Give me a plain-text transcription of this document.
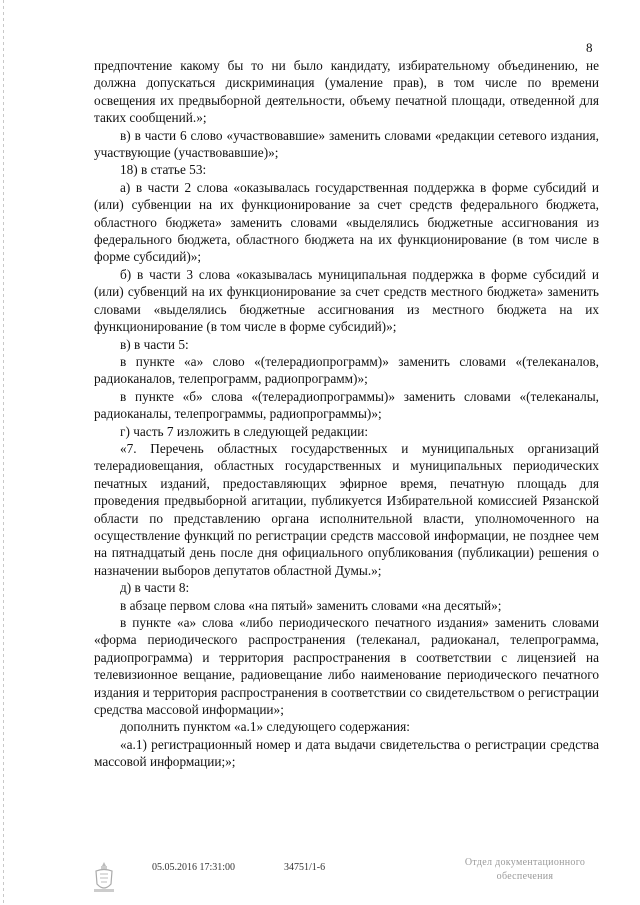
8

предпочтение какому бы то ни было кандидату, избирательному объединению, не должна допускаться дискриминация (умаление прав), в том числе по времени освещения их предвыборной деятельности, объему печатной площади, отведенной для таких сообщений.»;

в) в части 6 слово «участвовавшие» заменить словами «редакции сетевого издания, участвующие (участвовавшие)»;

18) в статье 53:

а) в части 2 слова «оказывалась государственная поддержка в форме субсидий и (или) субвенции на их функционирование за счет средств федерального бюджета, областного бюджета» заменить словами «выделялись бюджетные ассигнования из федерального бюджета, областного бюджета на их функционирование (в том числе в форме субсидий)»;

б) в части 3 слова «оказывалась муниципальная поддержка в форме субсидий и (или) субвенций на их функционирование за счет средств местного бюджета» заменить словами «выделялись бюджетные ассигнования из местного бюджета на их функционирование (в том числе в форме субсидий)»;

в) в части 5:

в пункте «а» слово «(телерадиопрограмм)» заменить словами «(телеканалов, радиоканалов, телепрограмм, радиопрограмм)»;

в пункте «б» слова «(телерадиопрограммы)» заменить словами «(телеканалы, радиоканалы, телепрограммы, радиопрограммы)»;

г) часть 7 изложить в следующей редакции:

«7. Перечень областных государственных и муниципальных организаций телерадиовещания, областных государственных и муниципальных периодических печатных изданий, предоставляющих эфирное время, печатную площадь для проведения предвыборной агитации, публикуется Избирательной комиссией Рязанской области по представлению органа исполнительной власти, уполномоченного на осуществление функций по регистрации средств массовой информации, не позднее чем на пятнадцатый день после дня официального опубликования (публикации) решения о назначении выборов депутатов областной Думы.»;

д) в части 8:

в абзаце первом слова «на пятый» заменить словами «на десятый»;

в пункте «а» слова «либо периодического печатного издания» заменить словами «форма периодического распространения (телеканал, радиоканал, телепрограмма, радиопрограмма) и территория распространения в соответствии с лицензией на телевизионное вещание, радиовещание либо наименование периодического печатного издания и территория распространения в соответствии со свидетельством о регистрации средства массовой информации»;

дополнить пунктом «а.1» следующего содержания:

«а.1) регистрационный номер и дата выдачи свидетельства о регистрации средства массовой информации;»;

05.05.2016 17:31:00	34751/1-6	Отдел документационного
обеспечения
